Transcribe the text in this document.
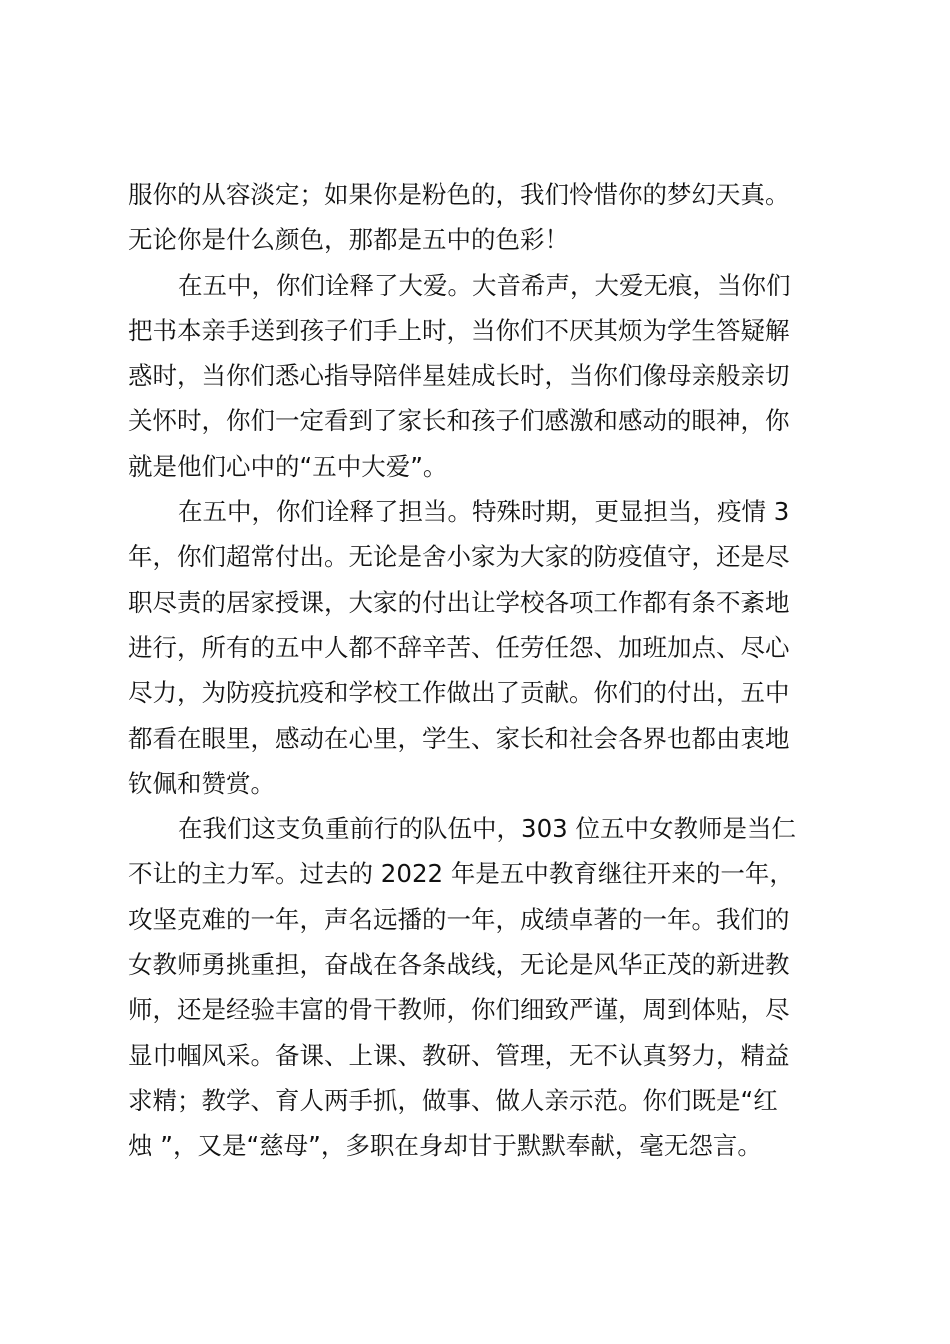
服你的从容淡定；如果你是粉色的，我们怜惜你的梦幻天真。
无论你是什么颜色，那都是五中的色彩！
在五中，你们诠释了大爱。大音希声，大爱无痕，当你们
把书本亲手送到孩子们手上时，当你们不厌其烦为学生答疑解
惑时，当你们悉心指导陪伴星娃成长时，当你们像母亲般亲切
关怀时，你们一定看到了家长和孩子们感激和感动的眼神，你
就是他们心中的“五中大爱”。
在五中，你们诠释了担当。特殊时期，更显担当，疫情 3
年，你们超常付出。无论是舍小家为大家的防疫值守，还是尽
职尽责的居家授课，大家的付出让学校各项工作都有条不紊地
进行，所有的五中人都不辞辛苦、任劳任怨、加班加点、尽心
尽力，为防疫抗疫和学校工作做出了贡献。你们的付出，五中
都看在眼里，感动在心里，学生、家长和社会各界也都由衷地
钦佩和赞赏。
在我们这支负重前行的队伍中，303 位五中女教师是当仁
不让的主力军。过去的 2022 年是五中教育继往开来的一年，
攻坚克难的一年，声名远播的一年，成绩卓著的一年。我们的
女教师勇挑重担，奋战在各条战线，无论是风华正茂的新进教
师，还是经验丰富的骨干教师，你们细致严谨，周到体贴，尽
显巾帼风采。备课、上课、教研、管理，无不认真努力，精益
求精；教学、育人两手抓，做事、做人亲示范。你们既是“红
烛 ”，又是“慈母”，多职在身却甘于默默奉献，毫无怨言。
